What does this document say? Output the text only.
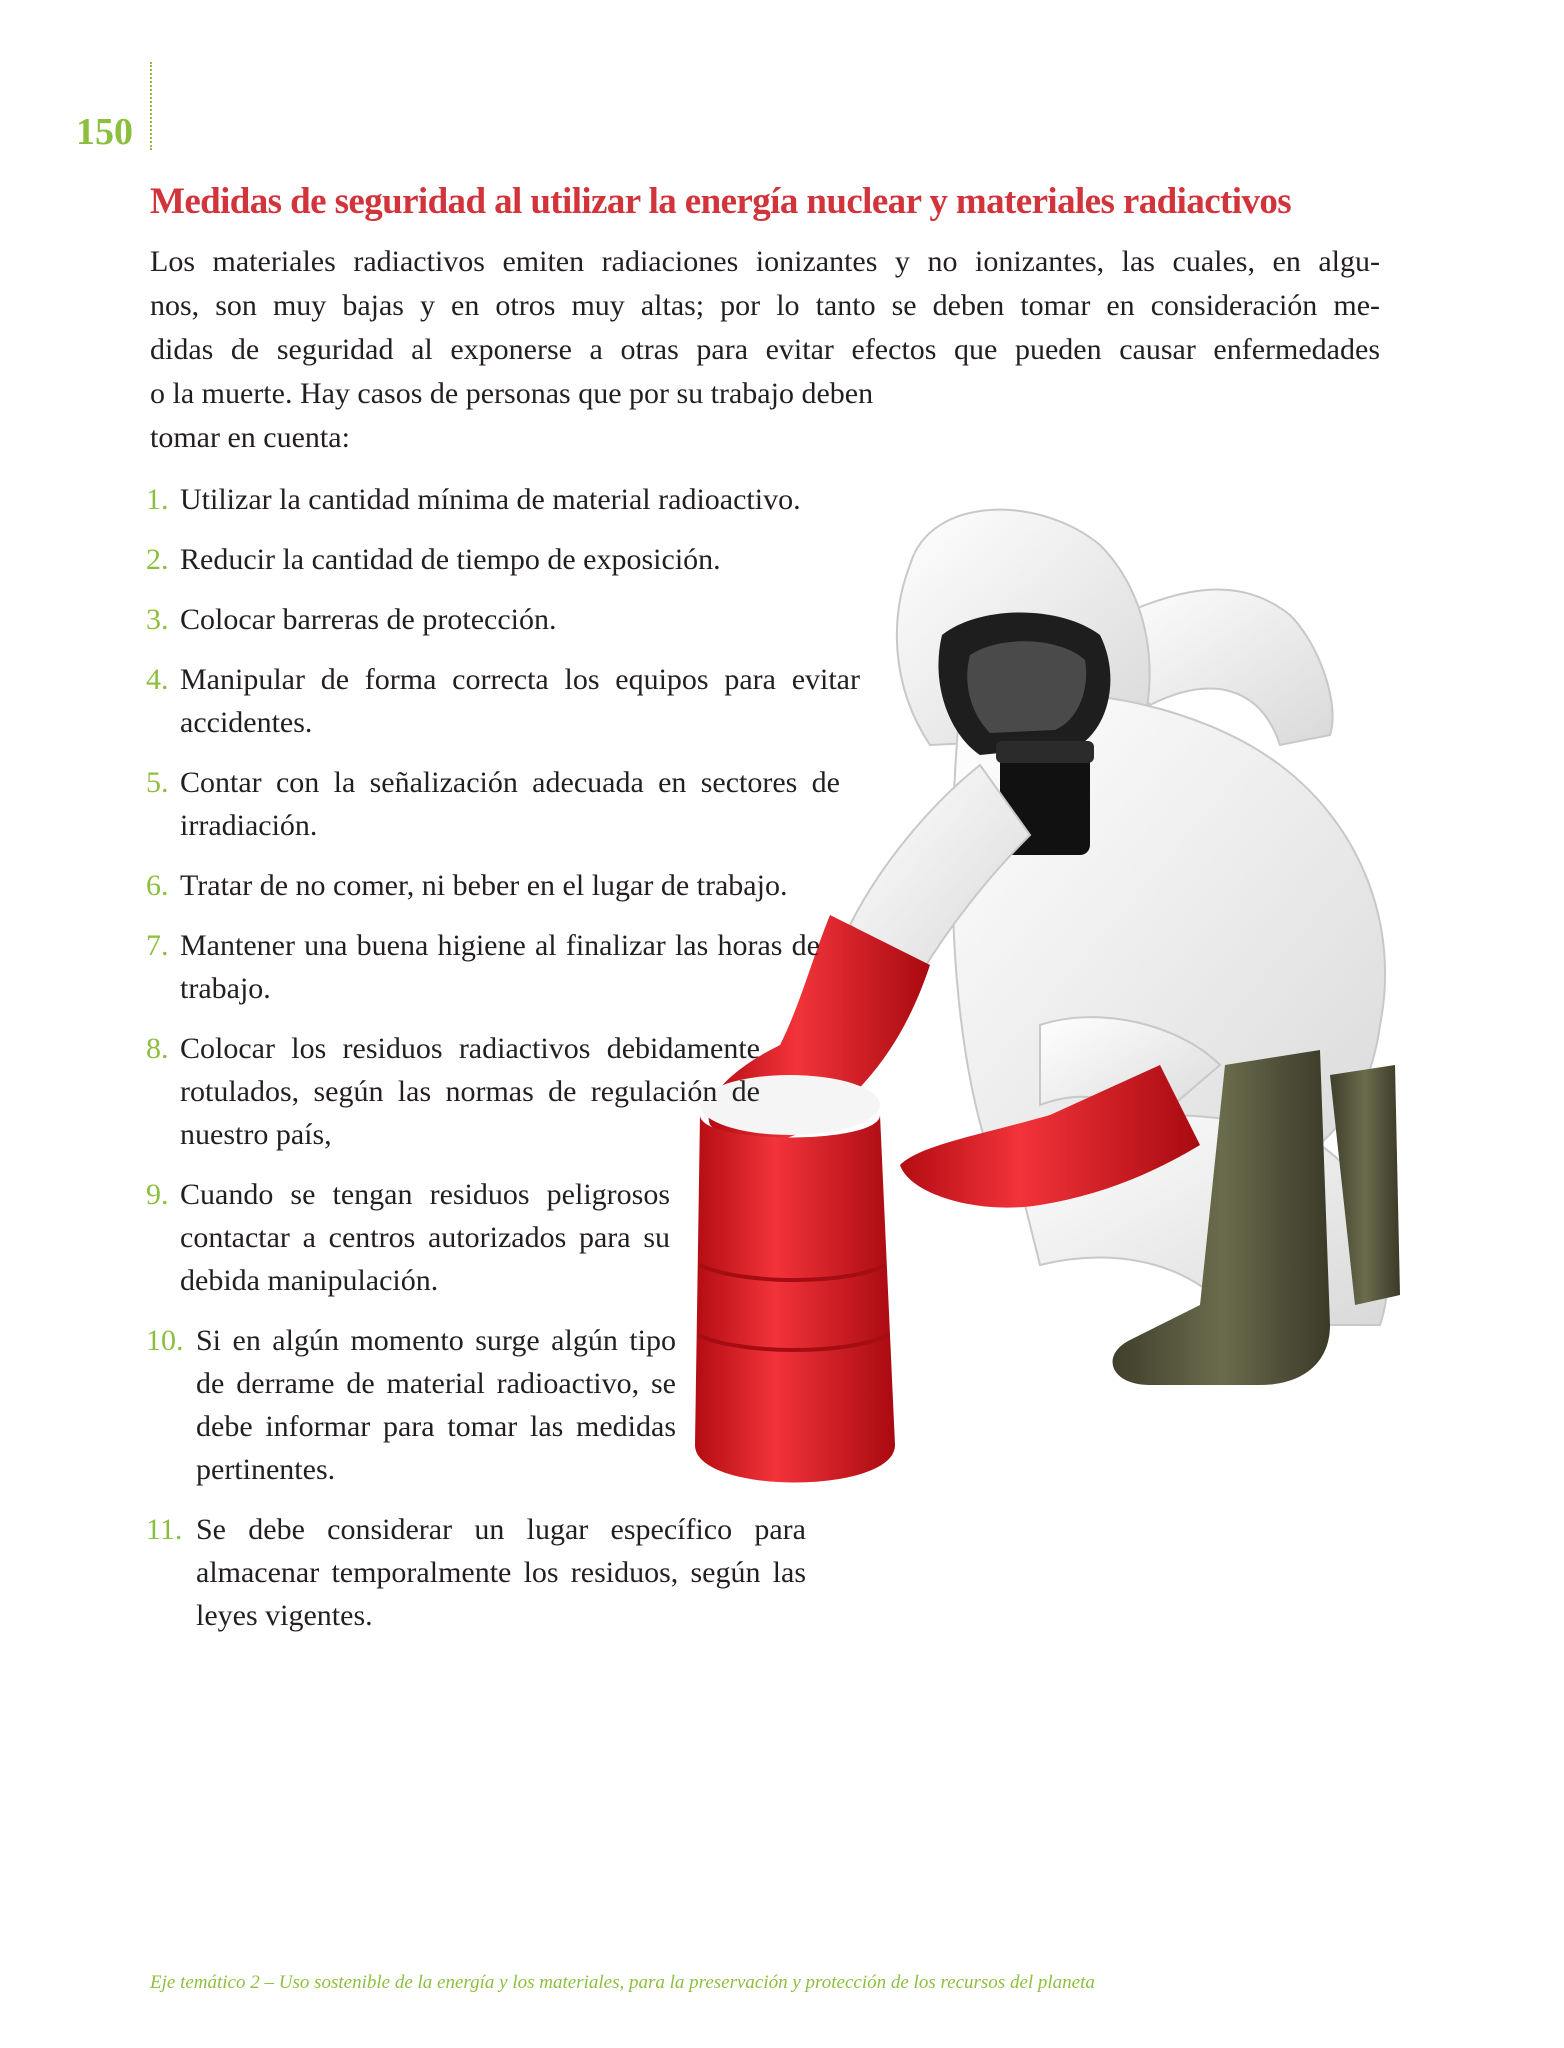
150
Medidas de seguridad al utilizar la energía nuclear y materiales radiactivos
Los materiales radiactivos emiten radiaciones ionizantes y no ionizantes, las cuales, en algu-
nos, son muy bajas y en otros muy altas; por lo tanto se deben tomar en consideración me-
didas de seguridad al exponerse a otras para evitar efectos que pueden causar enfermedades
o la muerte. Hay casos de personas que por su trabajo deben
tomar en cuenta:
1. Utilizar la cantidad mínima de material radioactivo.
2. Reducir la cantidad de tiempo de exposición.
3. Colocar barreras de protección.
4. Manipular de forma correcta los equipos para evitar accidentes.
5. Contar con la señalización adecuada en sectores de irradiación.
6. Tratar de no comer, ni beber en el lugar de trabajo.
7. Mantener una buena higiene al finalizar las horas de trabajo.
8. Colocar los residuos radiactivos debidamente rotulados, según las normas de regulación de nuestro país,
9. Cuando se tengan residuos peligrosos contactar a centros autorizados para su debida manipulación.
10. Si en algún momento surge algún tipo de derrame de material radioactivo, se debe informar para tomar las medidas pertinentes.
11. Se debe considerar un lugar específico para almacenar temporalmente los residuos, según las leyes vigentes.
Eje temático 2 – Uso sostenible de la energía y los materiales, para la preservación y protección de los recursos del planeta
